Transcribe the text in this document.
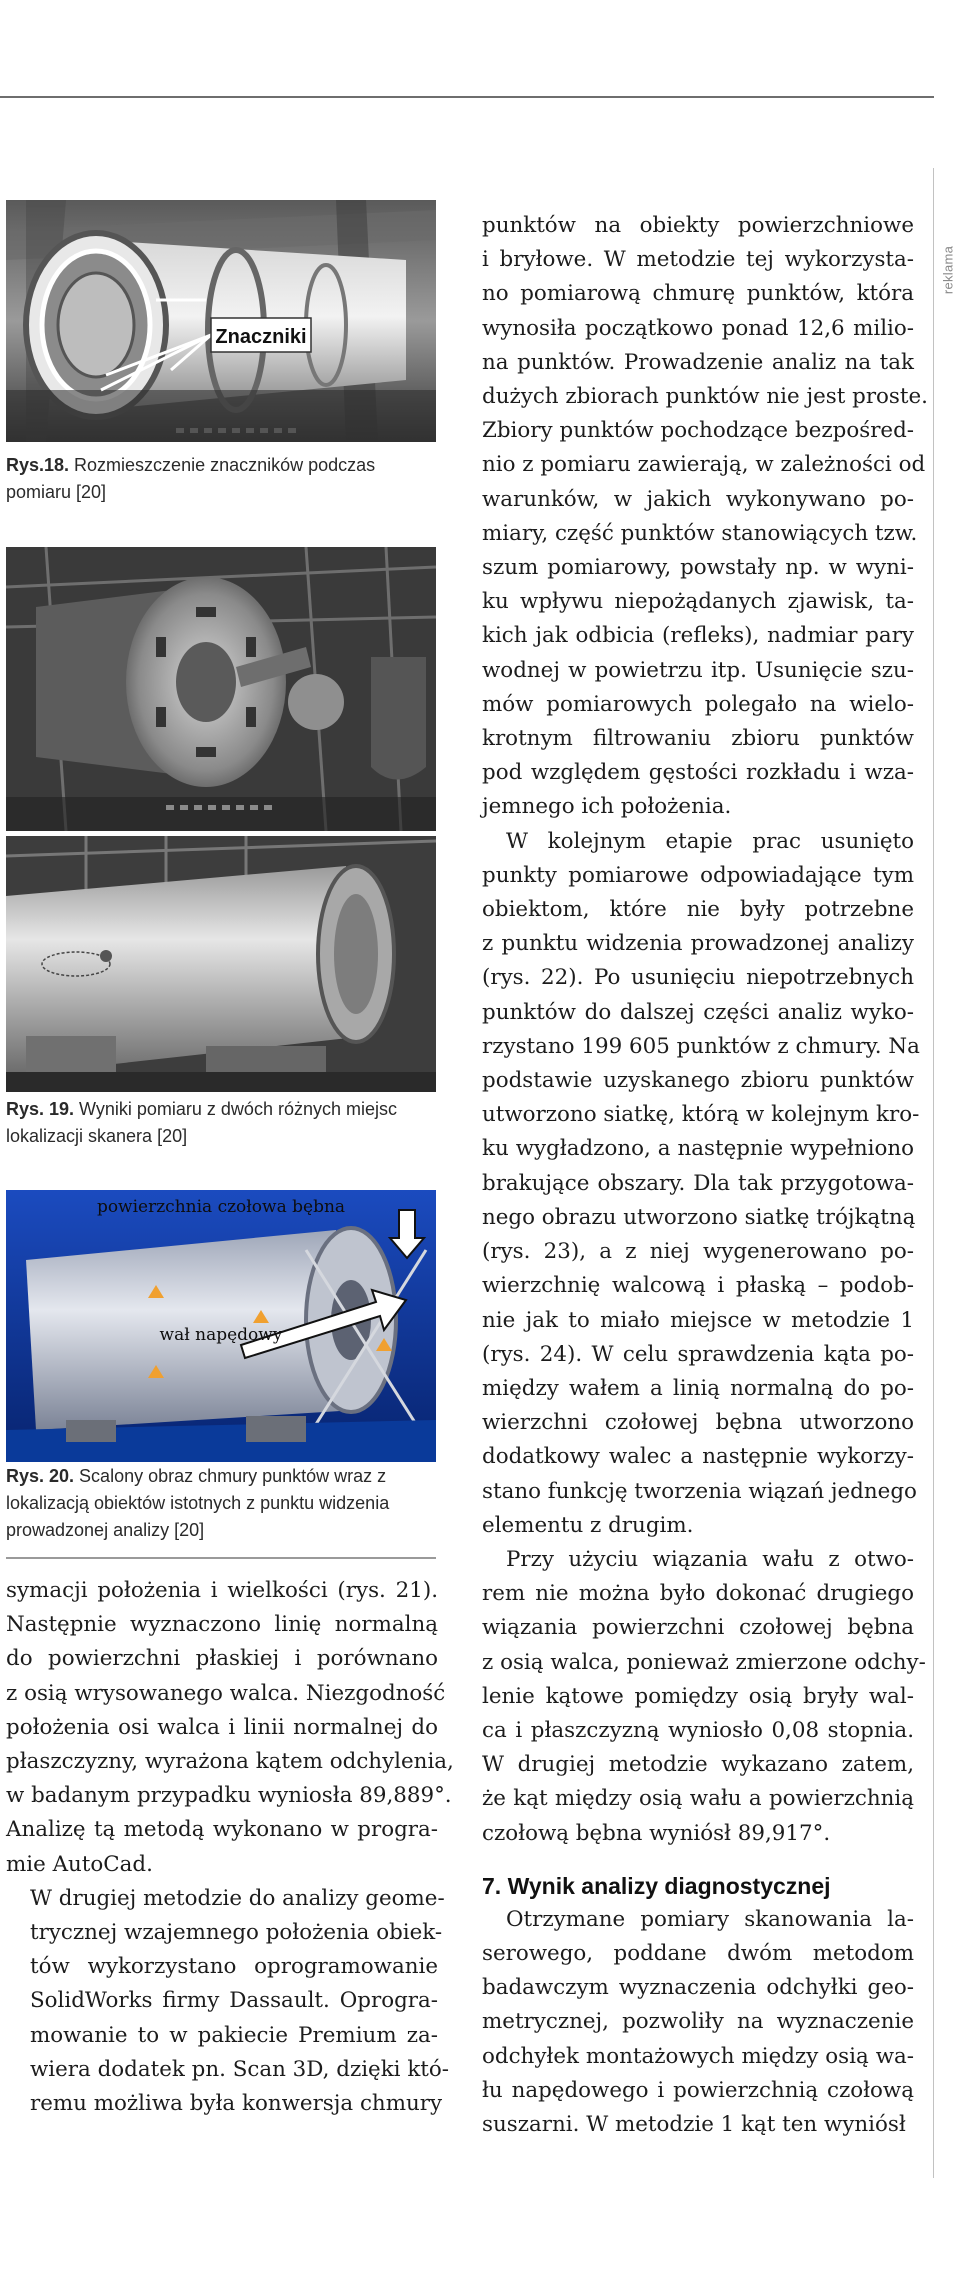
reklama
Znaczniki
Rys.18. Rozmieszczenie znaczników podczas pomiaru [20]
Rys. 19. Wyniki pomiaru z dwóch różnych miejsc lokalizacji skanera [20]
powierzchnia czołowa bębna
wał napędowy
Rys. 20. Scalony obraz chmury punktów wraz z lokalizacją obiektów istotnych z punktu widzenia prowadzonej analizy [20]

symacji położenia i wielkości (rys. 21).
Następnie wyznaczono linię normalną
do powierzchni płaskiej i porównano
z osią wrysowanego walca. Niezgodność
położenia osi walca i linii normalnej do
płaszczyzny, wyrażona kątem odchylenia,
w badanym przypadku wyniosła 89,889°.
Analizę tą metodą wykonano w progra-
mie AutoCad.

W drugiej metodzie do analizy geome-
trycznej wzajemnego położenia obiek-
tów wykorzystano oprogramowanie
SolidWorks firmy Dassault. Oprogra-
mowanie to w pakiecie Premium za-
wiera dodatek pn. Scan 3D, dzięki któ-
remu możliwa była konwersja chmury

punktów na obiekty powierzchniowe
i bryłowe. W metodzie tej wykorzysta-
no pomiarową chmurę punktów, która
wynosiła początkowo ponad 12,6 milio-
na punktów. Prowadzenie analiz na tak
dużych zbiorach punktów nie jest proste.
Zbiory punktów pochodzące bezpośred-
nio z pomiaru zawierają, w zależności od
warunków, w jakich wykonywano po-
miary, część punktów stanowiących tzw.
szum pomiarowy, powstały np. w wyni-
ku wpływu niepożądanych zjawisk, ta-
kich jak odbicia (refleks), nadmiar pary
wodnej w powietrzu itp. Usunięcie szu-
mów pomiarowych polegało na wielo-
krotnym filtrowaniu zbioru punktów
pod względem gęstości rozkładu i wza-
jemnego ich położenia.

W kolejnym etapie prac usunięto
punkty pomiarowe odpowiadające tym
obiektom, które nie były potrzebne
z punktu widzenia prowadzonej analizy
(rys. 22). Po usunięciu niepotrzebnych
punktów do dalszej części analiz wyko-
rzystano 199 605 punktów z chmury. Na
podstawie uzyskanego zbioru punktów
utworzono siatkę, którą w kolejnym kro-
ku wygładzono, a następnie wypełniono
brakujące obszary. Dla tak przygotowa-
nego obrazu utworzono siatkę trójkątną
(rys. 23), a z niej wygenerowano po-
wierzchnię walcową i płaską – podob-
nie jak to miało miejsce w metodzie 1
(rys. 24). W celu sprawdzenia kąta po-
między wałem a linią normalną do po-
wierzchni czołowej bębna utworzono
dodatkowy walec a następnie wykorzy-
stano funkcję tworzenia wiązań jednego
elementu z drugim.

Przy użyciu wiązania wału z otwo-
rem nie można było dokonać drugiego
wiązania powierzchni czołowej bębna
z osią walca, ponieważ zmierzone odchy-
lenie kątowe pomiędzy osią bryły wal-
ca i płaszczyzną wyniosło 0,08 stopnia.
W drugiej metodzie wykazano zatem,
że kąt między osią wału a powierzchnią
czołową bębna wyniósł 89,917°.

7. Wynik analizy diagnostycznej

Otrzymane pomiary skanowania la-
serowego, poddane dwóm metodom
badawczym wyznaczenia odchyłki geo-
metrycznej, pozwoliły na wyznaczenie
odchyłek montażowych między osią wa-
łu napędowego i powierzchnią czołową
suszarni. W metodzie 1 kąt ten wyniósł
